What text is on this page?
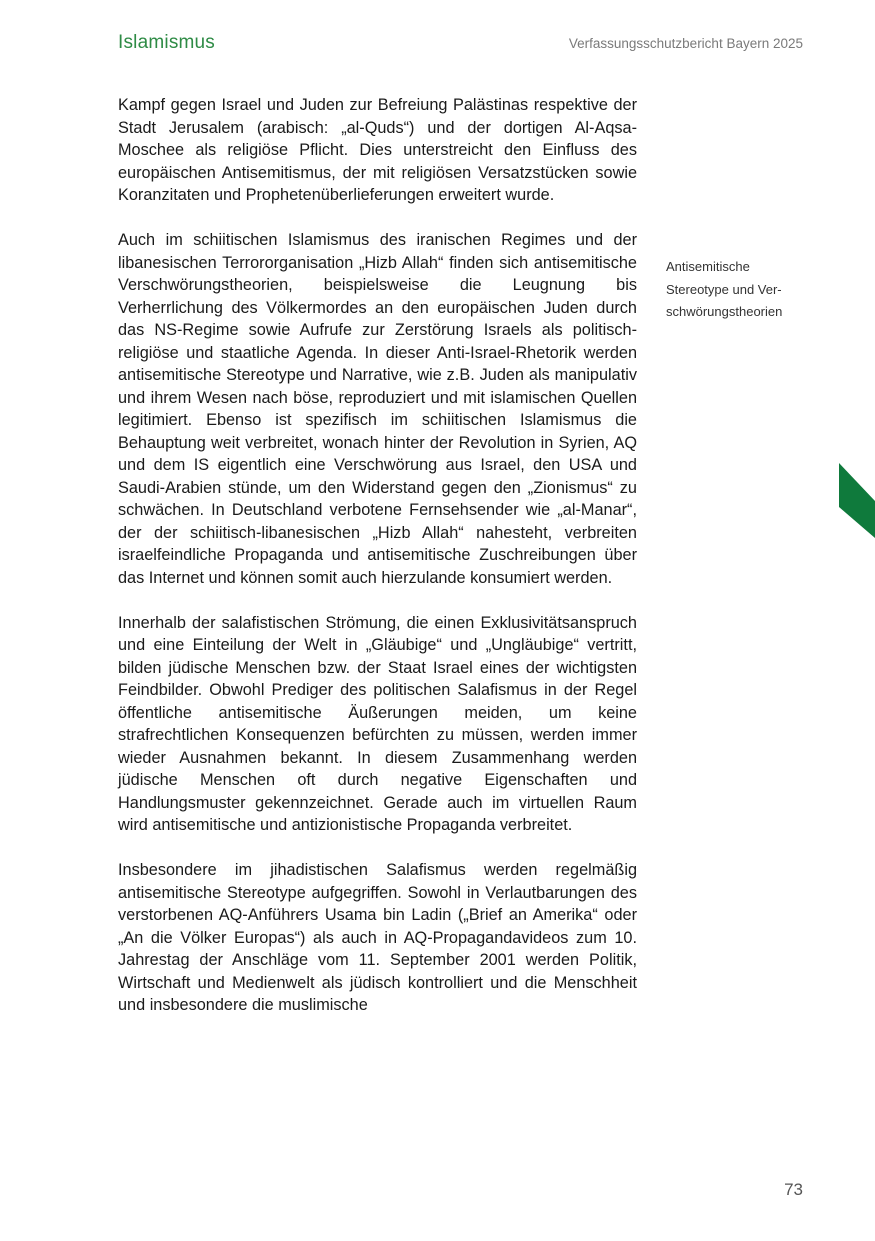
Islamismus	Verfassungsschutzbericht Bayern 2025

Kampf gegen Israel und Juden zur Befreiung Palästinas respektive der Stadt Jerusalem (arabisch: „al-Quds“) und der dortigen Al-Aqsa-Moschee als religiöse Pflicht. Dies unterstreicht den Einfluss des europäischen Antisemitismus, der mit religiösen Versatzstücken sowie Koranzitaten und Prophetenüberlieferungen erweitert wurde.

Auch im schiitischen Islamismus des iranischen Regimes und der libanesischen Terrororganisation „Hizb Allah“ finden sich antisemitische Verschwörungstheorien, beispielsweise die Leugnung bis Verherrlichung des Völkermordes an den europäischen Juden durch das NS-Regime sowie Aufrufe zur Zerstörung Israels als politisch-religiöse und staatliche Agenda. In dieser Anti-Israel-Rhetorik werden antisemitische Stereotype und Narrative, wie z.B. Juden als manipulativ und ihrem Wesen nach böse, reproduziert und mit islamischen Quellen legitimiert. Ebenso ist spezifisch im schiitischen Islamismus die Behauptung weit verbreitet, wonach hinter der Revolution in Syrien, AQ und dem IS eigentlich eine Verschwörung aus Israel, den USA und Saudi-Arabien stünde, um den Widerstand gegen den „Zionismus“ zu schwächen. In Deutschland verbotene Fernsehsender wie „al-Manar“, der der schiitisch-libanesischen „Hizb Allah“ nahesteht, verbreiten israelfeindliche Propaganda und antisemitische Zuschreibungen über das Internet und können somit auch hierzulande konsumiert werden.

Innerhalb der salafistischen Strömung, die einen Exklusivitätsanspruch und eine Einteilung der Welt in „Gläubige“ und „Ungläubige“ vertritt, bilden jüdische Menschen bzw. der Staat Israel eines der wichtigsten Feindbilder. Obwohl Prediger des politischen Salafismus in der Regel öffentliche antisemitische Äußerungen meiden, um keine strafrechtlichen Konsequenzen befürchten zu müssen, werden immer wieder Ausnahmen bekannt. In diesem Zusammenhang werden jüdische Menschen oft durch negative Eigenschaften und Handlungsmuster gekennzeichnet. Gerade auch im virtuellen Raum wird antisemitische und antizionistische Propaganda verbreitet.

Insbesondere im jihadistischen Salafismus werden regelmäßig antisemitische Stereotype aufgegriffen. Sowohl in Verlautbarungen des verstorbenen AQ-Anführers Usama bin Ladin („Brief an Amerika“ oder „An die Völker Europas“) als auch in AQ-Propagandavideos zum 10. Jahrestag der Anschläge vom 11. September 2001 werden Politik, Wirtschaft und Medienwelt als jüdisch kontrolliert und die Menschheit und insbesondere die muslimische

Antisemitische
Stereotype und Ver-
schwörungstheorien
73
